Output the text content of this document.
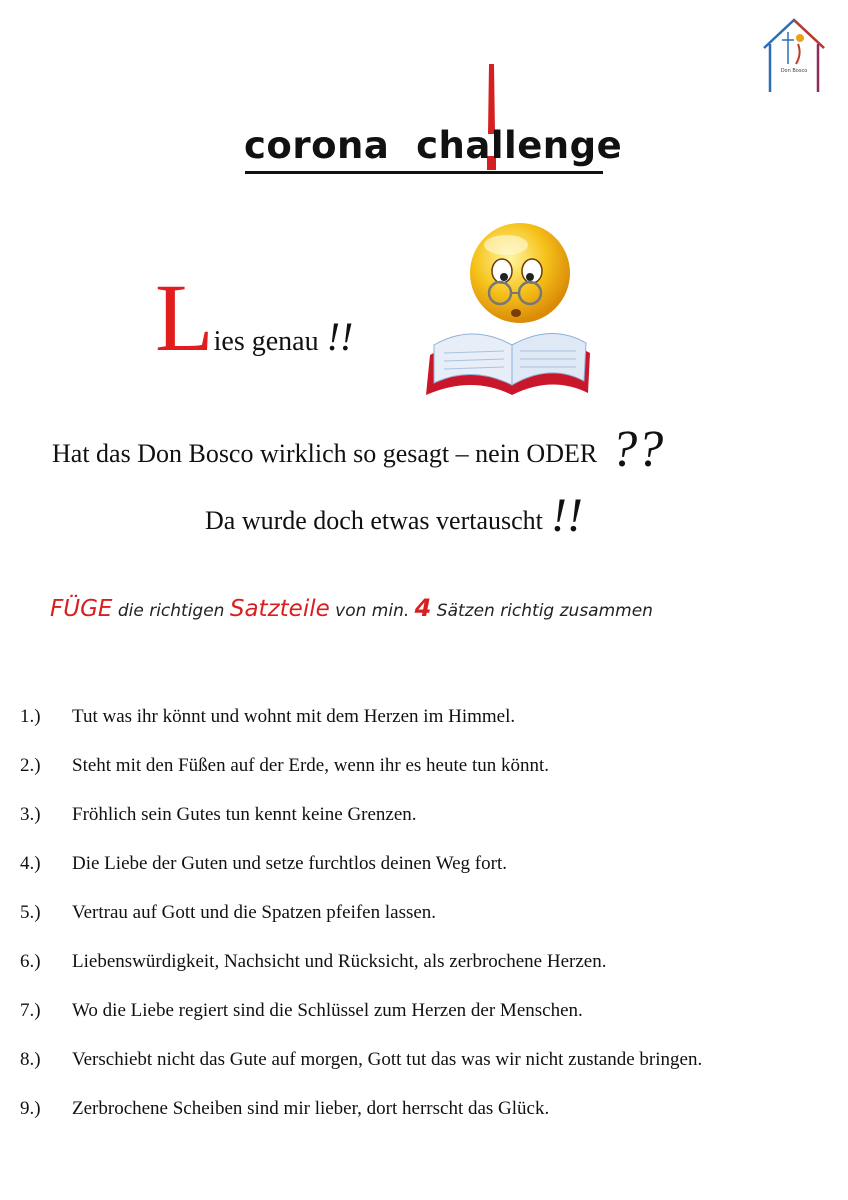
Don Bosco
corona  challenge
Lies genau !!
Hat das Don Bosco wirklich so gesagt – nein ODER ??
Da wurde doch etwas vertauscht !!
FÜGE die richtigen Satzteile von min. 4 Sätzen richtig zusammen
1.) Tut was ihr könnt und wohnt mit dem Herzen im Himmel.
2.) Steht mit den Füßen auf der Erde, wenn ihr es heute tun könnt.
3.) Fröhlich sein Gutes tun kennt keine Grenzen.
4.) Die Liebe der Guten und setze furchtlos deinen Weg fort.
5.) Vertrau auf Gott und die Spatzen pfeifen lassen.
6.) Liebenswürdigkeit, Nachsicht und Rücksicht, als zerbrochene Herzen.
7.) Wo die Liebe regiert sind die Schlüssel zum Herzen der Menschen.
8.) Verschiebt nicht das Gute auf morgen, Gott tut das was wir nicht zustande bringen.
9.) Zerbrochene Scheiben sind mir lieber, dort herrscht das Glück.
